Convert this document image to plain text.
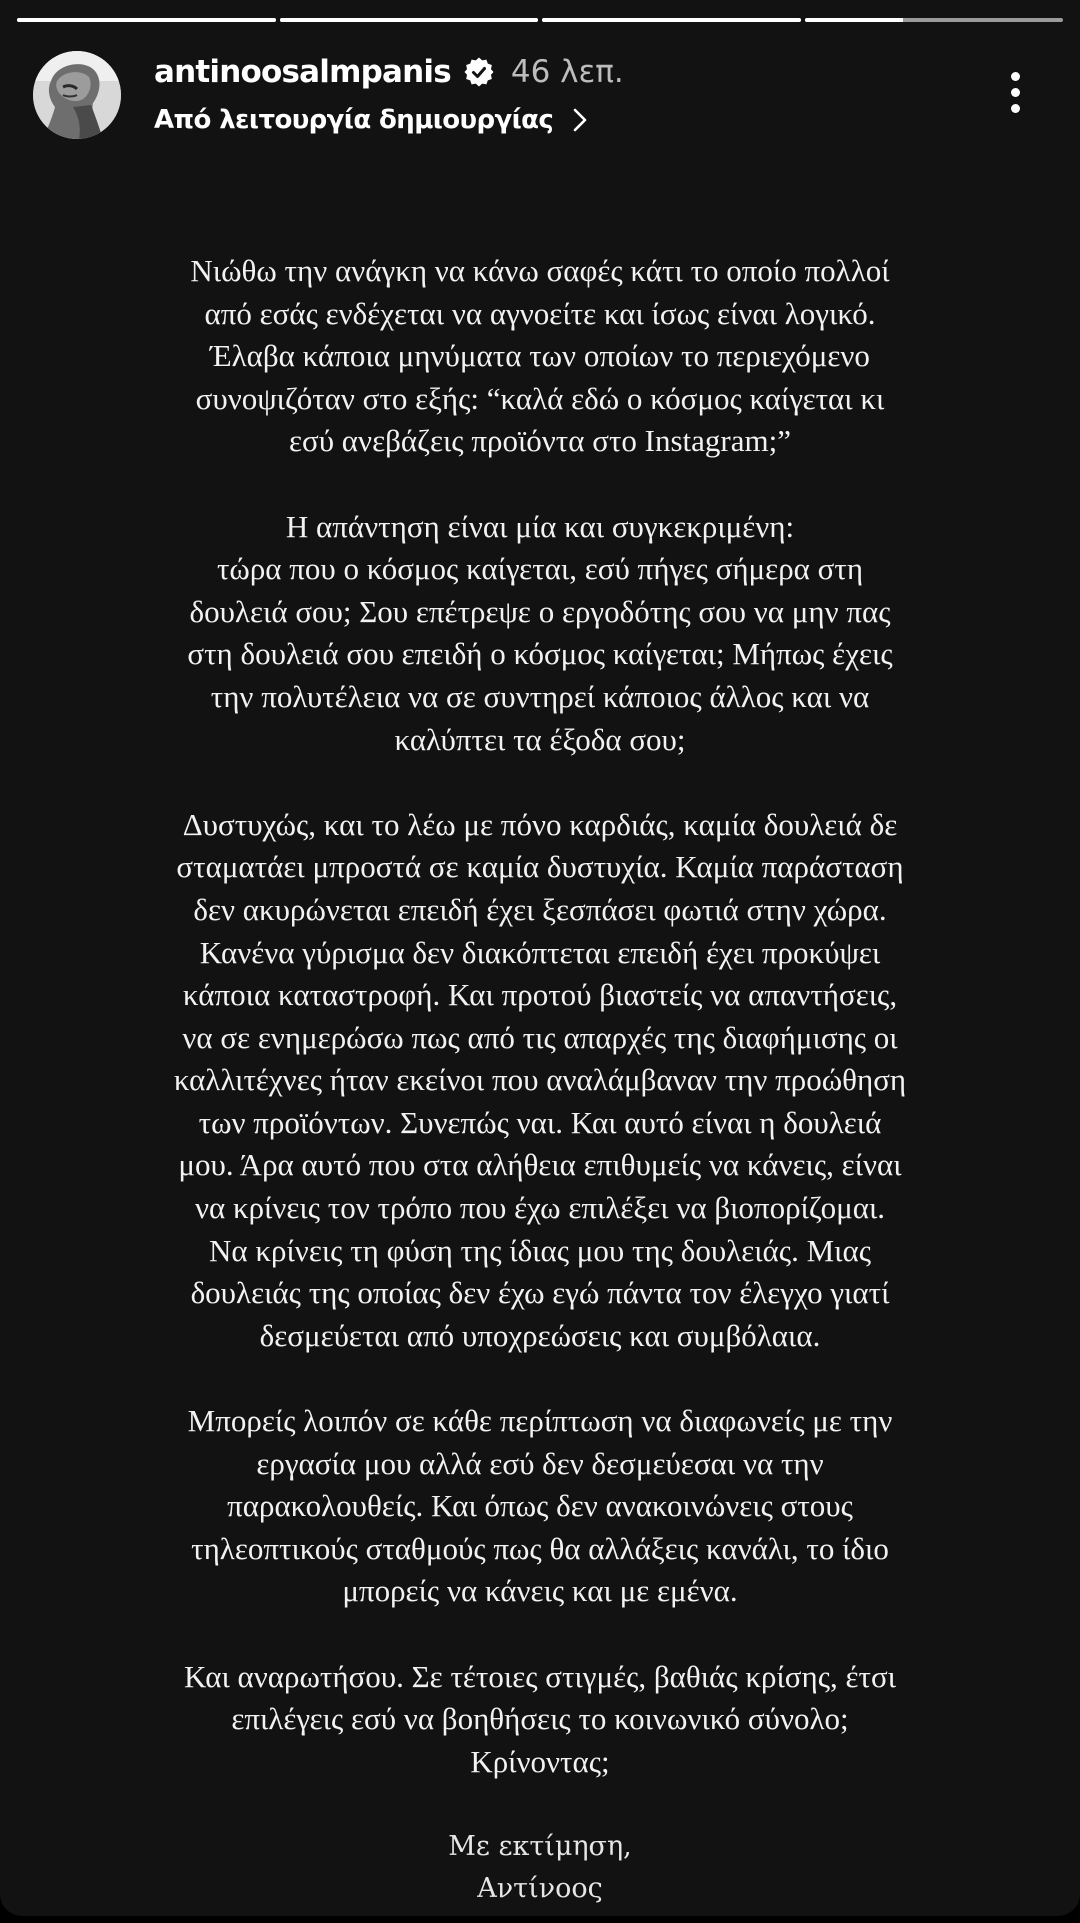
antinoosalmpanis 46 λεπ.
Από λειτουργία δημιουργίας
Νιώθω την ανάγκη να κάνω σαφές κάτι το οποίο πολλοί
από εσάς ενδέχεται να αγνοείτε και ίσως είναι λογικό.
Έλαβα κάποια μηνύματα των οποίων το περιεχόμενο
συνοψιζόταν στο εξής: “καλά εδώ ο κόσμος καίγεται κι
εσύ ανεβάζεις προϊόντα στο Instagram;”
Η απάντηση είναι μία και συγκεκριμένη:
τώρα που ο κόσμος καίγεται, εσύ πήγες σήμερα στη
δουλειά σου; Σου επέτρεψε ο εργοδότης σου να μην πας
στη δουλειά σου επειδή ο κόσμος καίγεται; Μήπως έχεις
την πολυτέλεια να σε συντηρεί κάποιος άλλος και να
καλύπτει τα έξοδα σου;
Δυστυχώς, και το λέω με πόνο καρδιάς, καμία δουλειά δε
σταματάει μπροστά σε καμία δυστυχία. Καμία παράσταση
δεν ακυρώνεται επειδή έχει ξεσπάσει φωτιά στην χώρα.
Κανένα γύρισμα δεν διακόπτεται επειδή έχει προκύψει
κάποια καταστροφή. Και προτού βιαστείς να απαντήσεις,
να σε ενημερώσω πως από τις απαρχές της διαφήμισης οι
καλλιτέχνες ήταν εκείνοι που αναλάμβαναν την προώθηση
των προϊόντων. Συνεπώς ναι. Και αυτό είναι η δουλειά
μου. Άρα αυτό που στα αλήθεια επιθυμείς να κάνεις, είναι
να κρίνεις τον τρόπο που έχω επιλέξει να βιοπορίζομαι.
Να κρίνεις τη φύση της ίδιας μου της δουλειάς. Μιας
δουλειάς της οποίας δεν έχω εγώ πάντα τον έλεγχο γιατί
δεσμεύεται από υποχρεώσεις και συμβόλαια.
Μπορείς λοιπόν σε κάθε περίπτωση να διαφωνείς με την
εργασία μου αλλά εσύ δεν δεσμεύεσαι να την
παρακολουθείς. Και όπως δεν ανακοινώνεις στους
τηλεοπτικούς σταθμούς πως θα αλλάξεις κανάλι, το ίδιο
μπορείς να κάνεις και με εμένα.
Και αναρωτήσου. Σε τέτοιες στιγμές, βαθιάς κρίσης, έτσι
επιλέγεις εσύ να βοηθήσεις το κοινωνικό σύνολο;
Κρίνοντας;
Με εκτίμηση,
Αντίνοος
